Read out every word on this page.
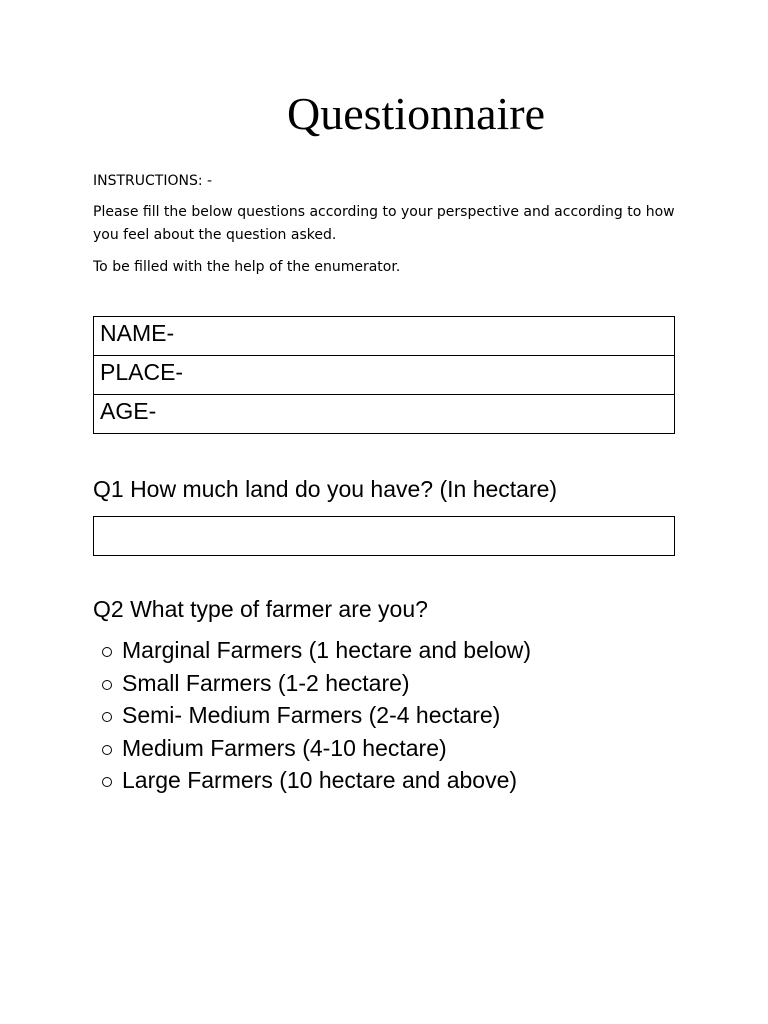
Questionnaire

INSTRUCTIONS: -

Please fill the below questions according to your perspective and according to how you feel about the question asked.

To be filled with the help of the enumerator.

NAME-

PLACE-

AGE-

Q1 How much land do you have? (In hectare)

Q2 What type of farmer are you?

Marginal Farmers (1 hectare and below)
Small Farmers (1-2 hectare)
Semi- Medium Farmers (2-4 hectare)
Medium Farmers (4-10 hectare)
Large Farmers (10 hectare and above)
